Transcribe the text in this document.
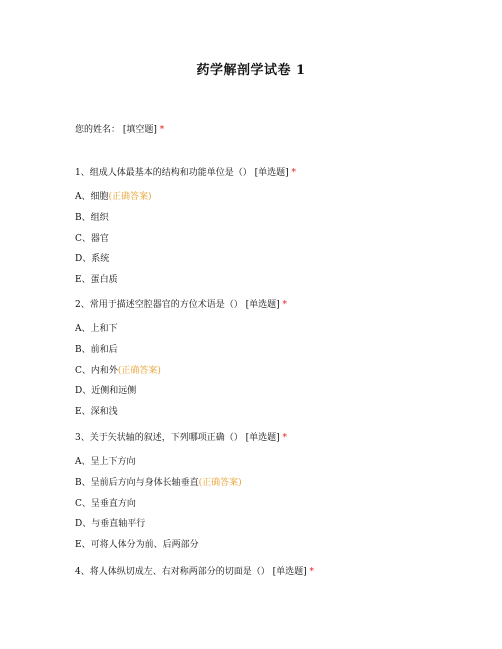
药学解剖学试卷 1
您的姓名： [填空题] *
1、组成人体最基本的结构和功能单位是（） [单选题] *
A、细胞(正确答案)
B、组织
C、器官
D、系统
E、蛋白质
2、常用于描述空腔器官的方位术语是（） [单选题] *
A、上和下
B、前和后
C、内和外(正确答案)
D、近侧和远侧
E、深和浅
3、关于矢状轴的叙述，下列哪项正确（） [单选题] *
A、呈上下方向
B、呈前后方向与身体长轴垂直(正确答案)
C、呈垂直方向
D、与垂直轴平行
E、可将人体分为前、后两部分
4、将人体纵切成左、右对称两部分的切面是（） [单选题] *
